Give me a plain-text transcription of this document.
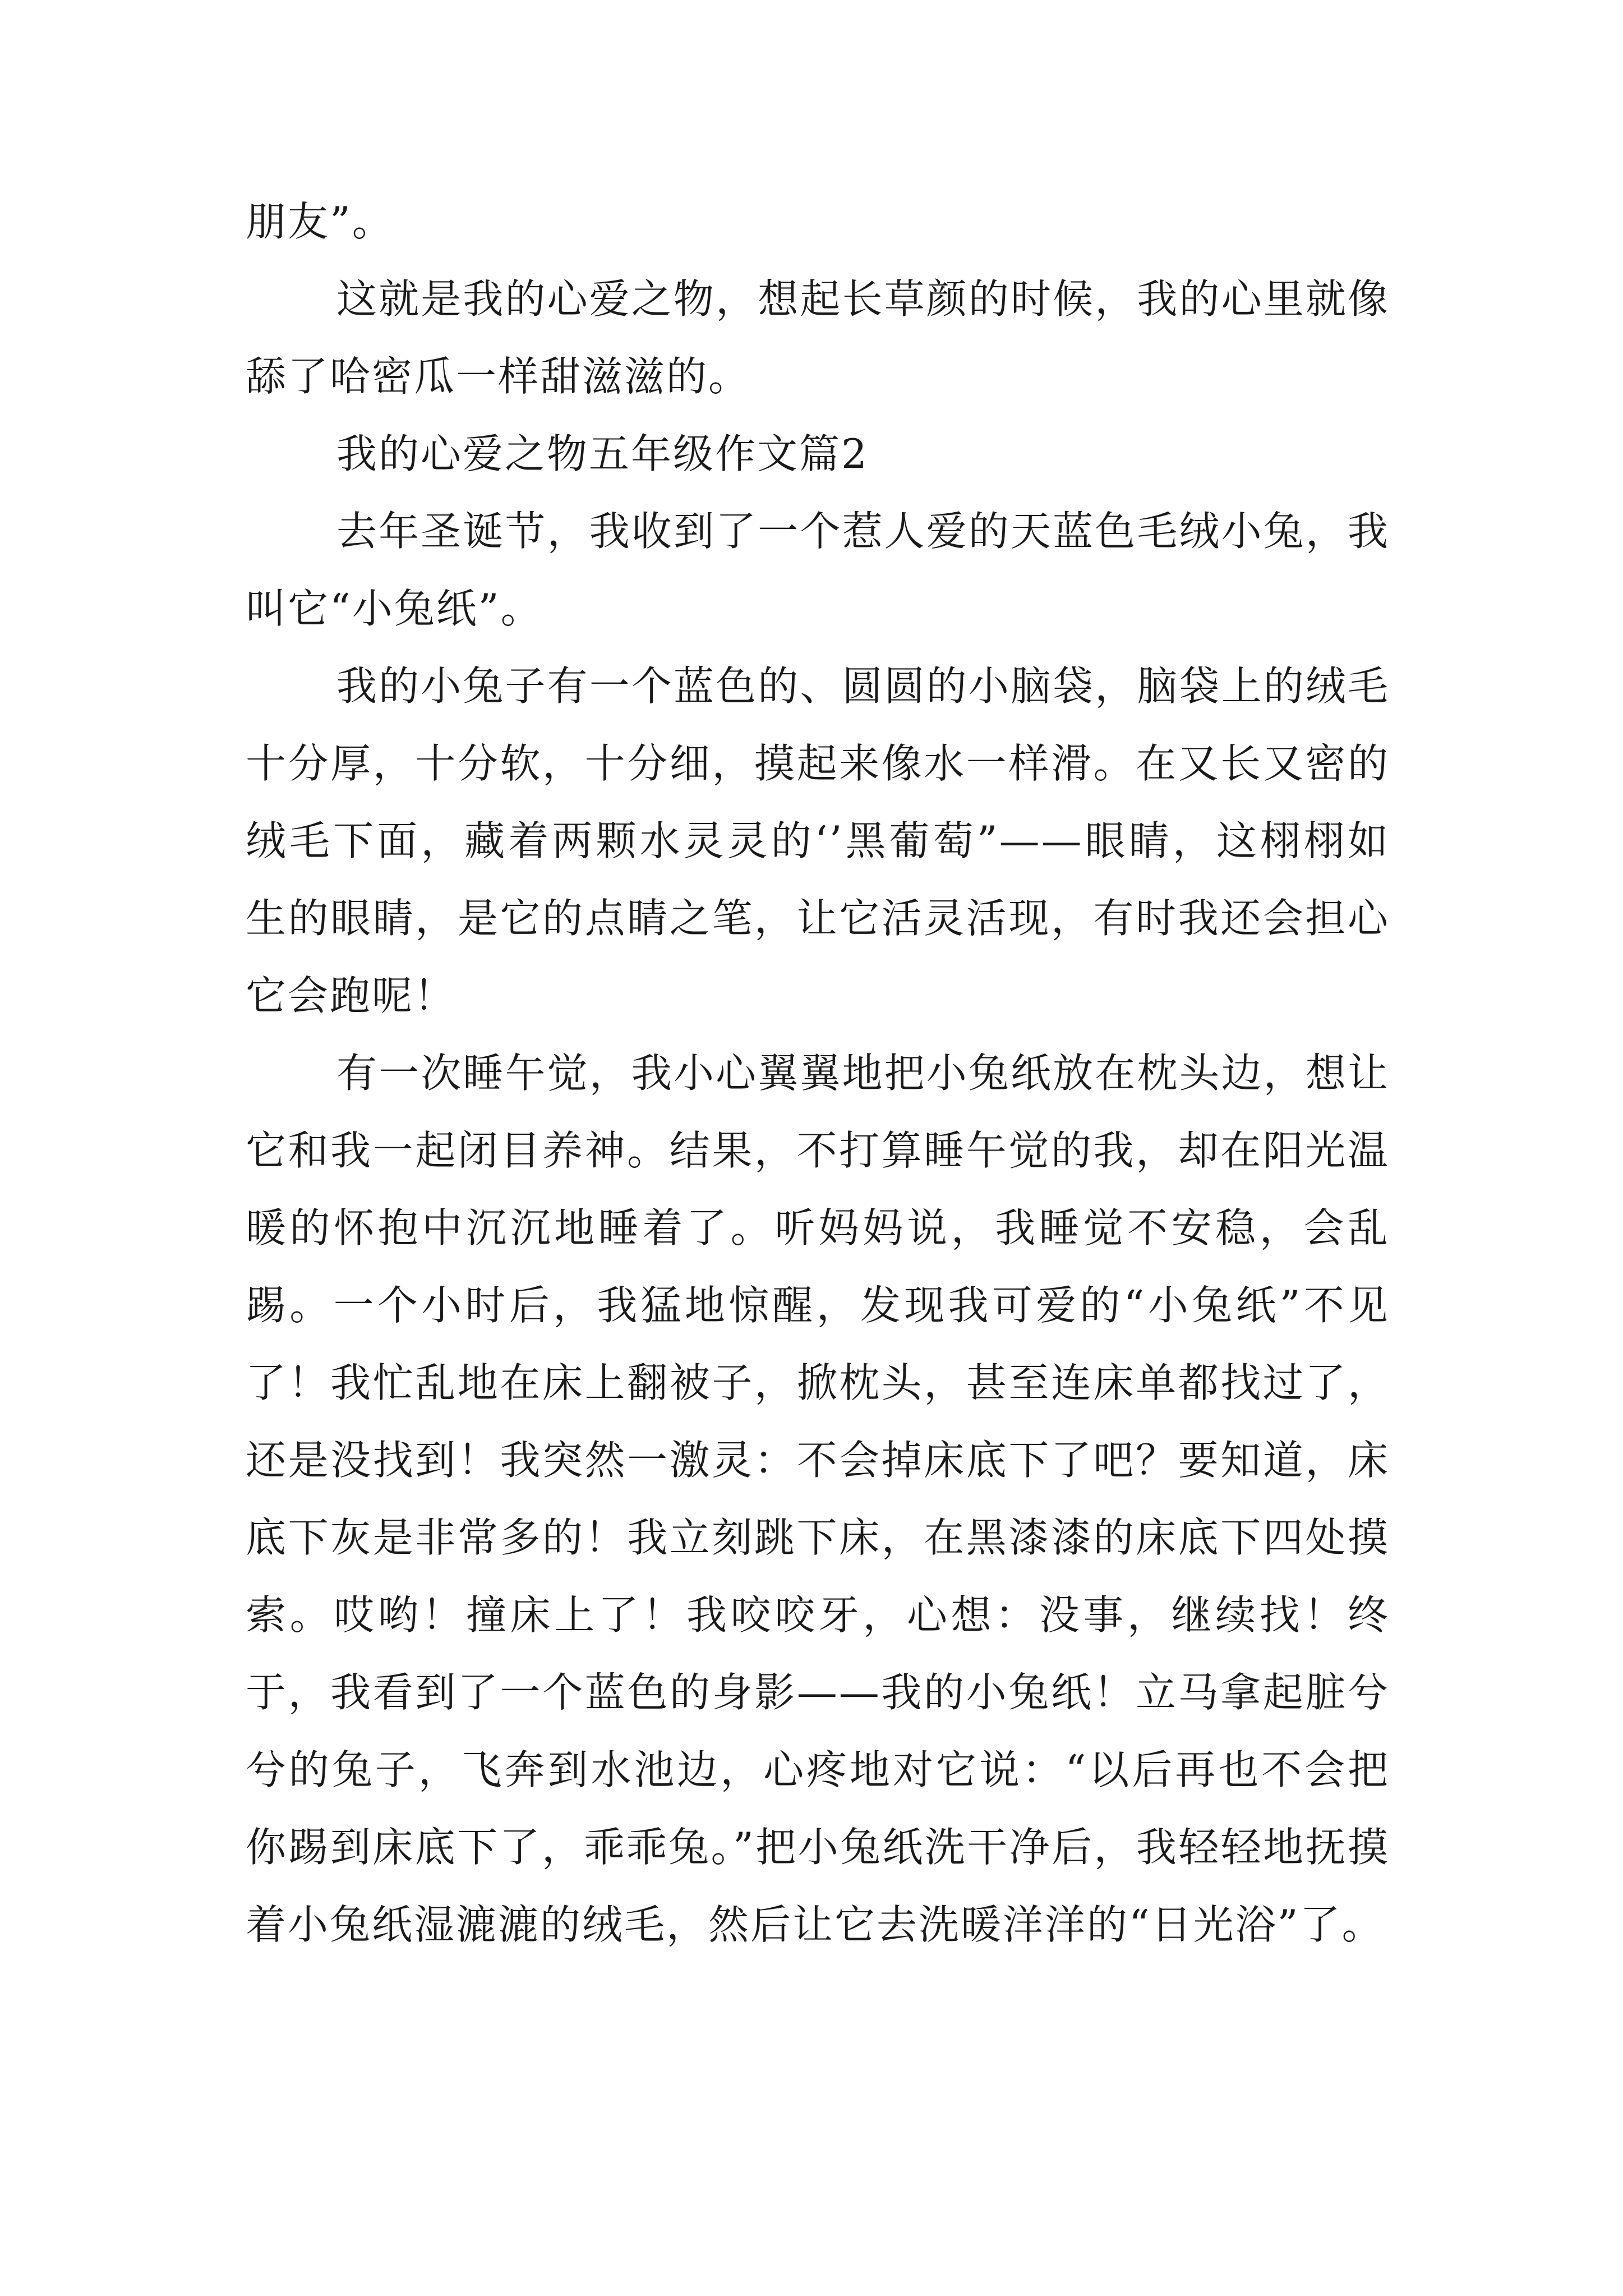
朋友”。

这就是我的心爱之物，想起长草颜的时候，我的心里就像舔了哈密瓜一样甜滋滋的。

我的心爱之物五年级作文篇2

去年圣诞节，我收到了一个惹人爱的天蓝色毛绒小兔，我叫它“小兔纸”。

我的小兔子有一个蓝色的、圆圆的小脑袋，脑袋上的绒毛十分厚，十分软，十分细，摸起来像水一样滑。在又长又密的绒毛下面，藏着两颗水灵灵的‘’黑葡萄”——眼睛，这栩栩如生的眼睛，是它的点睛之笔，让它活灵活现，有时我还会担心它会跑呢！

有一次睡午觉，我小心翼翼地把小兔纸放在枕头边，想让它和我一起闭目养神。结果，不打算睡午觉的我，却在阳光温暖的怀抱中沉沉地睡着了。听妈妈说，我睡觉不安稳，会乱踢。一个小时后，我猛地惊醒，发现我可爱的“小兔纸”不见了！我忙乱地在床上翻被子，掀枕头，甚至连床单都找过了，还是没找到！我突然一激灵：不会掉床底下了吧？要知道，床底下灰是非常多的！我立刻跳下床，在黑漆漆的床底下四处摸索。哎哟！撞床上了！我咬咬牙，心想：没事，继续找！终于，我看到了一个蓝色的身影——我的小兔纸！立马拿起脏兮兮的兔子，飞奔到水池边，心疼地对它说：“以后再也不会把你踢到床底下了，乖乖兔。”把小兔纸洗干净后，我轻轻地抚摸着小兔纸湿漉漉的绒毛，然后让它去洗暖洋洋的“日光浴”了。
